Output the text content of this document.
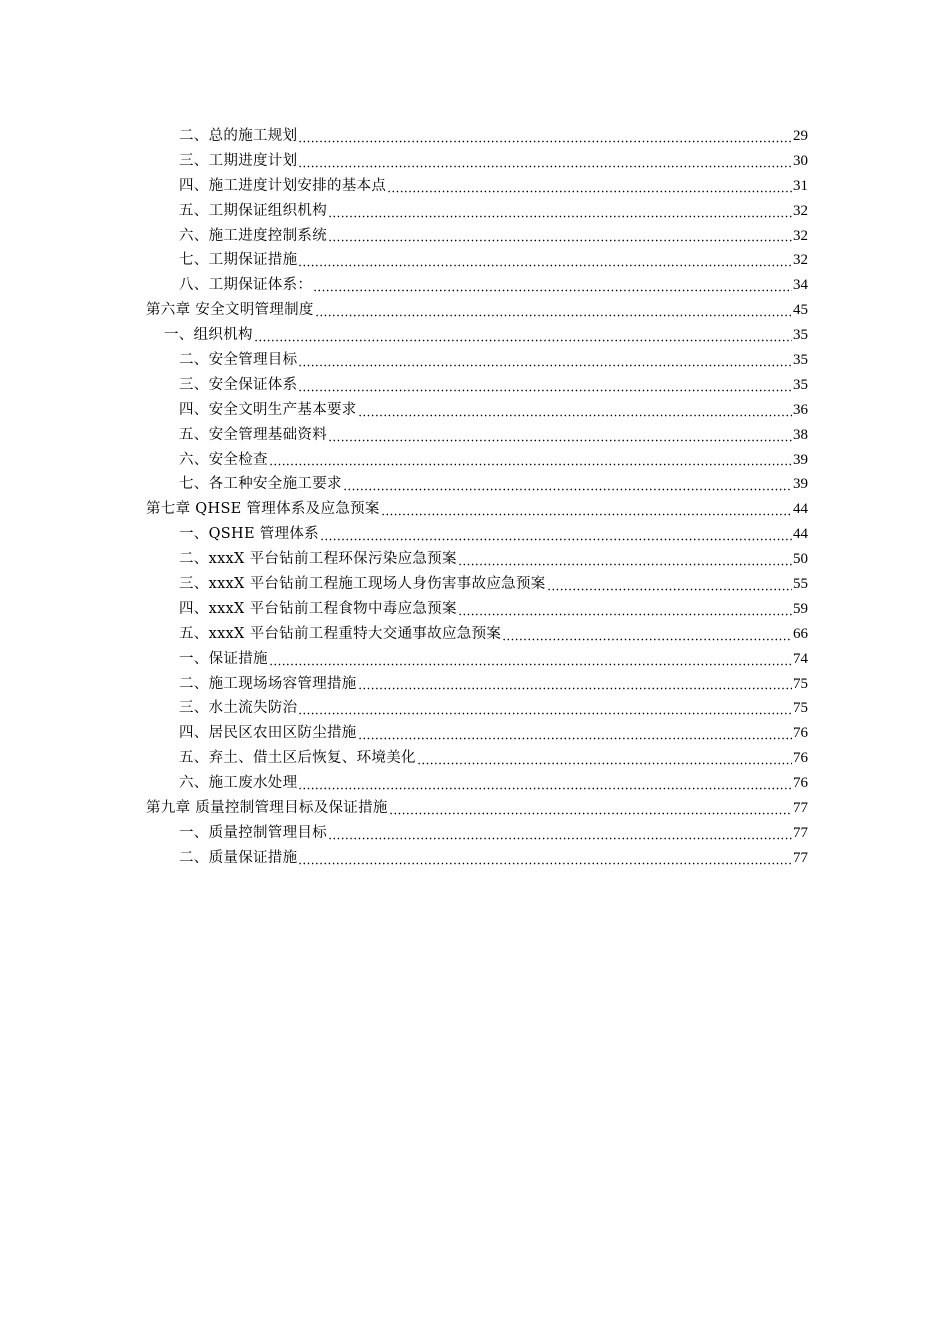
二、总的施工规划	29
三、工期进度计划	30
四、施工进度计划安排的基本点	31
五、工期保证组织机构	32
六、施工进度控制系统	32
七、工期保证措施	32
八、工期保证体系：	34
第六章 安全文明管理制度	45
一、组织机构	35
二、安全管理目标	35
三、安全保证体系	35
四、安全文明生产基本要求	36
五、安全管理基础资料	38
六、安全检查	39
七、各工种安全施工要求	39
第七章 QHSE 管理体系及应急预案	44
一、QSHE 管理体系	44
二、xxxX 平台钻前工程环保污染应急预案	50
三、xxxX 平台钻前工程施工现场人身伤害事故应急预案	55
四、xxxX 平台钻前工程食物中毒应急预案	59
五、xxxX 平台钻前工程重特大交通事故应急预案	66
一、保证措施	74
二、施工现场场容管理措施	75
三、水土流失防治	75
四、居民区农田区防尘措施	76
五、弃土、借土区后恢复、环境美化	76
六、施工废水处理	76
第九章 质量控制管理目标及保证措施	77
一、质量控制管理目标	77
二、质量保证措施	77
